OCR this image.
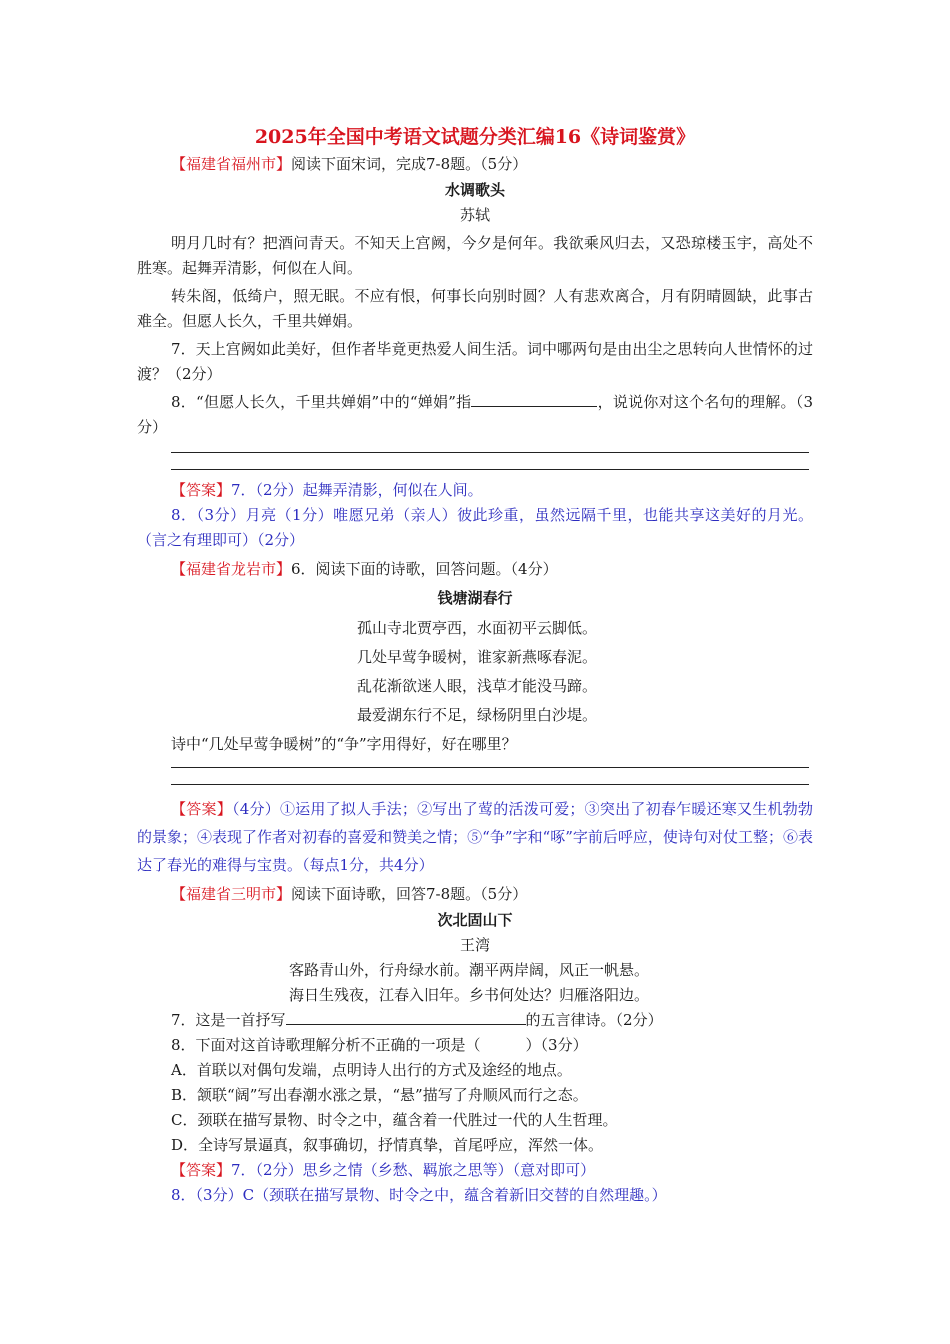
2025年全国中考语文试题分类汇编16《诗词鉴赏》

【福建省福州市】阅读下面宋词，完成7-8题。（5分）

水调歌头

苏轼

明月几时有？把酒问青天。不知天上宫阙，今夕是何年。我欲乘风归去，又恐琼楼玉宇，高处不胜寒。起舞弄清影，何似在人间。

转朱阁，低绮户，照无眠。不应有恨，何事长向别时圆？人有悲欢离合，月有阴晴圆缺，此事古难全。但愿人长久，千里共婵娟。

7．天上宫阙如此美好，但作者毕竟更热爱人间生活。词中哪两句是由出尘之思转向人世情怀的过渡？（2分）

8．“但愿人长久，千里共婵娟”中的“婵娟”指	，说说你对这个名句的理解。（3分）

【答案】7．（2分）起舞弄清影，何似在人间。

8．（3分）月亮（1分）唯愿兄弟（亲人）彼此珍重，虽然远隔千里，也能共享这美好的月光。（言之有理即可）（2分）

【福建省龙岩市】6．阅读下面的诗歌，回答问题。（4分）

钱塘湖春行

孤山寺北贾亭西，水面初平云脚低。

几处早莺争暖树，谁家新燕啄春泥。

乱花渐欲迷人眼，浅草才能没马蹄。

最爱湖东行不足，绿杨阴里白沙堤。

诗中“几处早莺争暖树”的“争”字用得好，好在哪里？

【答案】（4分）①运用了拟人手法；②写出了莺的活泼可爱；③突出了初春乍暖还寒又生机勃勃的景象；④表现了作者对初春的喜爱和赞美之情；⑤“争”字和“啄”字前后呼应，使诗句对仗工整；⑥表达了春光的难得与宝贵。（每点1分，共4分）

【福建省三明市】阅读下面诗歌，回答7-8题。（5分）

次北固山下

王湾

客路青山外，行舟绿水前。潮平两岸阔，风正一帆悬。

海日生残夜，江春入旧年。乡书何处达？归雁洛阳边。

7．这是一首抒写	的五言律诗。（2分）

8．下面对这首诗歌理解分析不正确的一项是（　　　）（3分）

A．首联以对偶句发端，点明诗人出行的方式及途经的地点。

B．颔联“阔”写出春潮水涨之景，“悬”描写了舟顺风而行之态。

C．颈联在描写景物、时令之中，蕴含着一代胜过一代的人生哲理。

D．全诗写景逼真，叙事确切，抒情真挚，首尾呼应，浑然一体。

【答案】7．（2分）思乡之情（乡愁、羁旅之思等）（意对即可）

8．（3分）C（颈联在描写景物、时令之中，蕴含着新旧交替的自然理趣。）
